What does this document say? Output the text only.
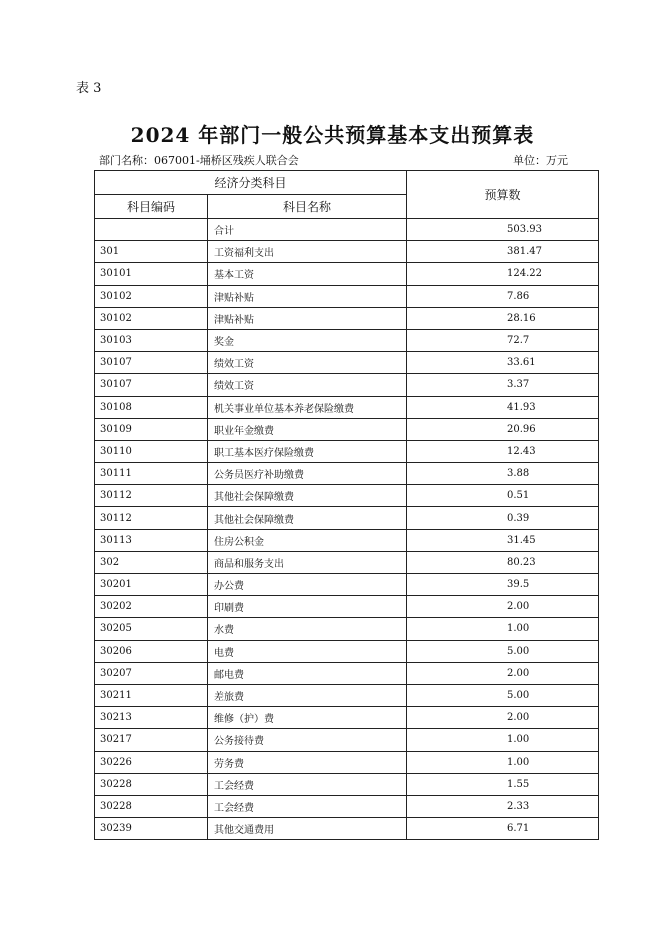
表 3
2024 年部门一般公共预算基本支出预算表
部门名称：067001-埇桥区残疾人联合会	单位：万元
经济分类科目		预算数
科目编码	科目名称	
	合计	503.93
301	工资福利支出	381.47
30101	基本工资	124.22
30102	津贴补贴	7.86
30102	津贴补贴	28.16
30103	奖金	72.7
30107	绩效工资	33.61
30107	绩效工资	3.37
30108	机关事业单位基本养老保险缴费	41.93
30109	职业年金缴费	20.96
30110	职工基本医疗保险缴费	12.43
30111	公务员医疗补助缴费	3.88
30112	其他社会保障缴费	0.51
30112	其他社会保障缴费	0.39
30113	住房公积金	31.45
302	商品和服务支出	80.23
30201	办公费	39.5
30202	印刷费	2.00
30205	水费	1.00
30206	电费	5.00
30207	邮电费	2.00
30211	差旅费	5.00
30213	维修（护）费	2.00
30217	公务接待费	1.00
30226	劳务费	1.00
30228	工会经费	1.55
30228	工会经费	2.33
30239	其他交通费用	6.71
